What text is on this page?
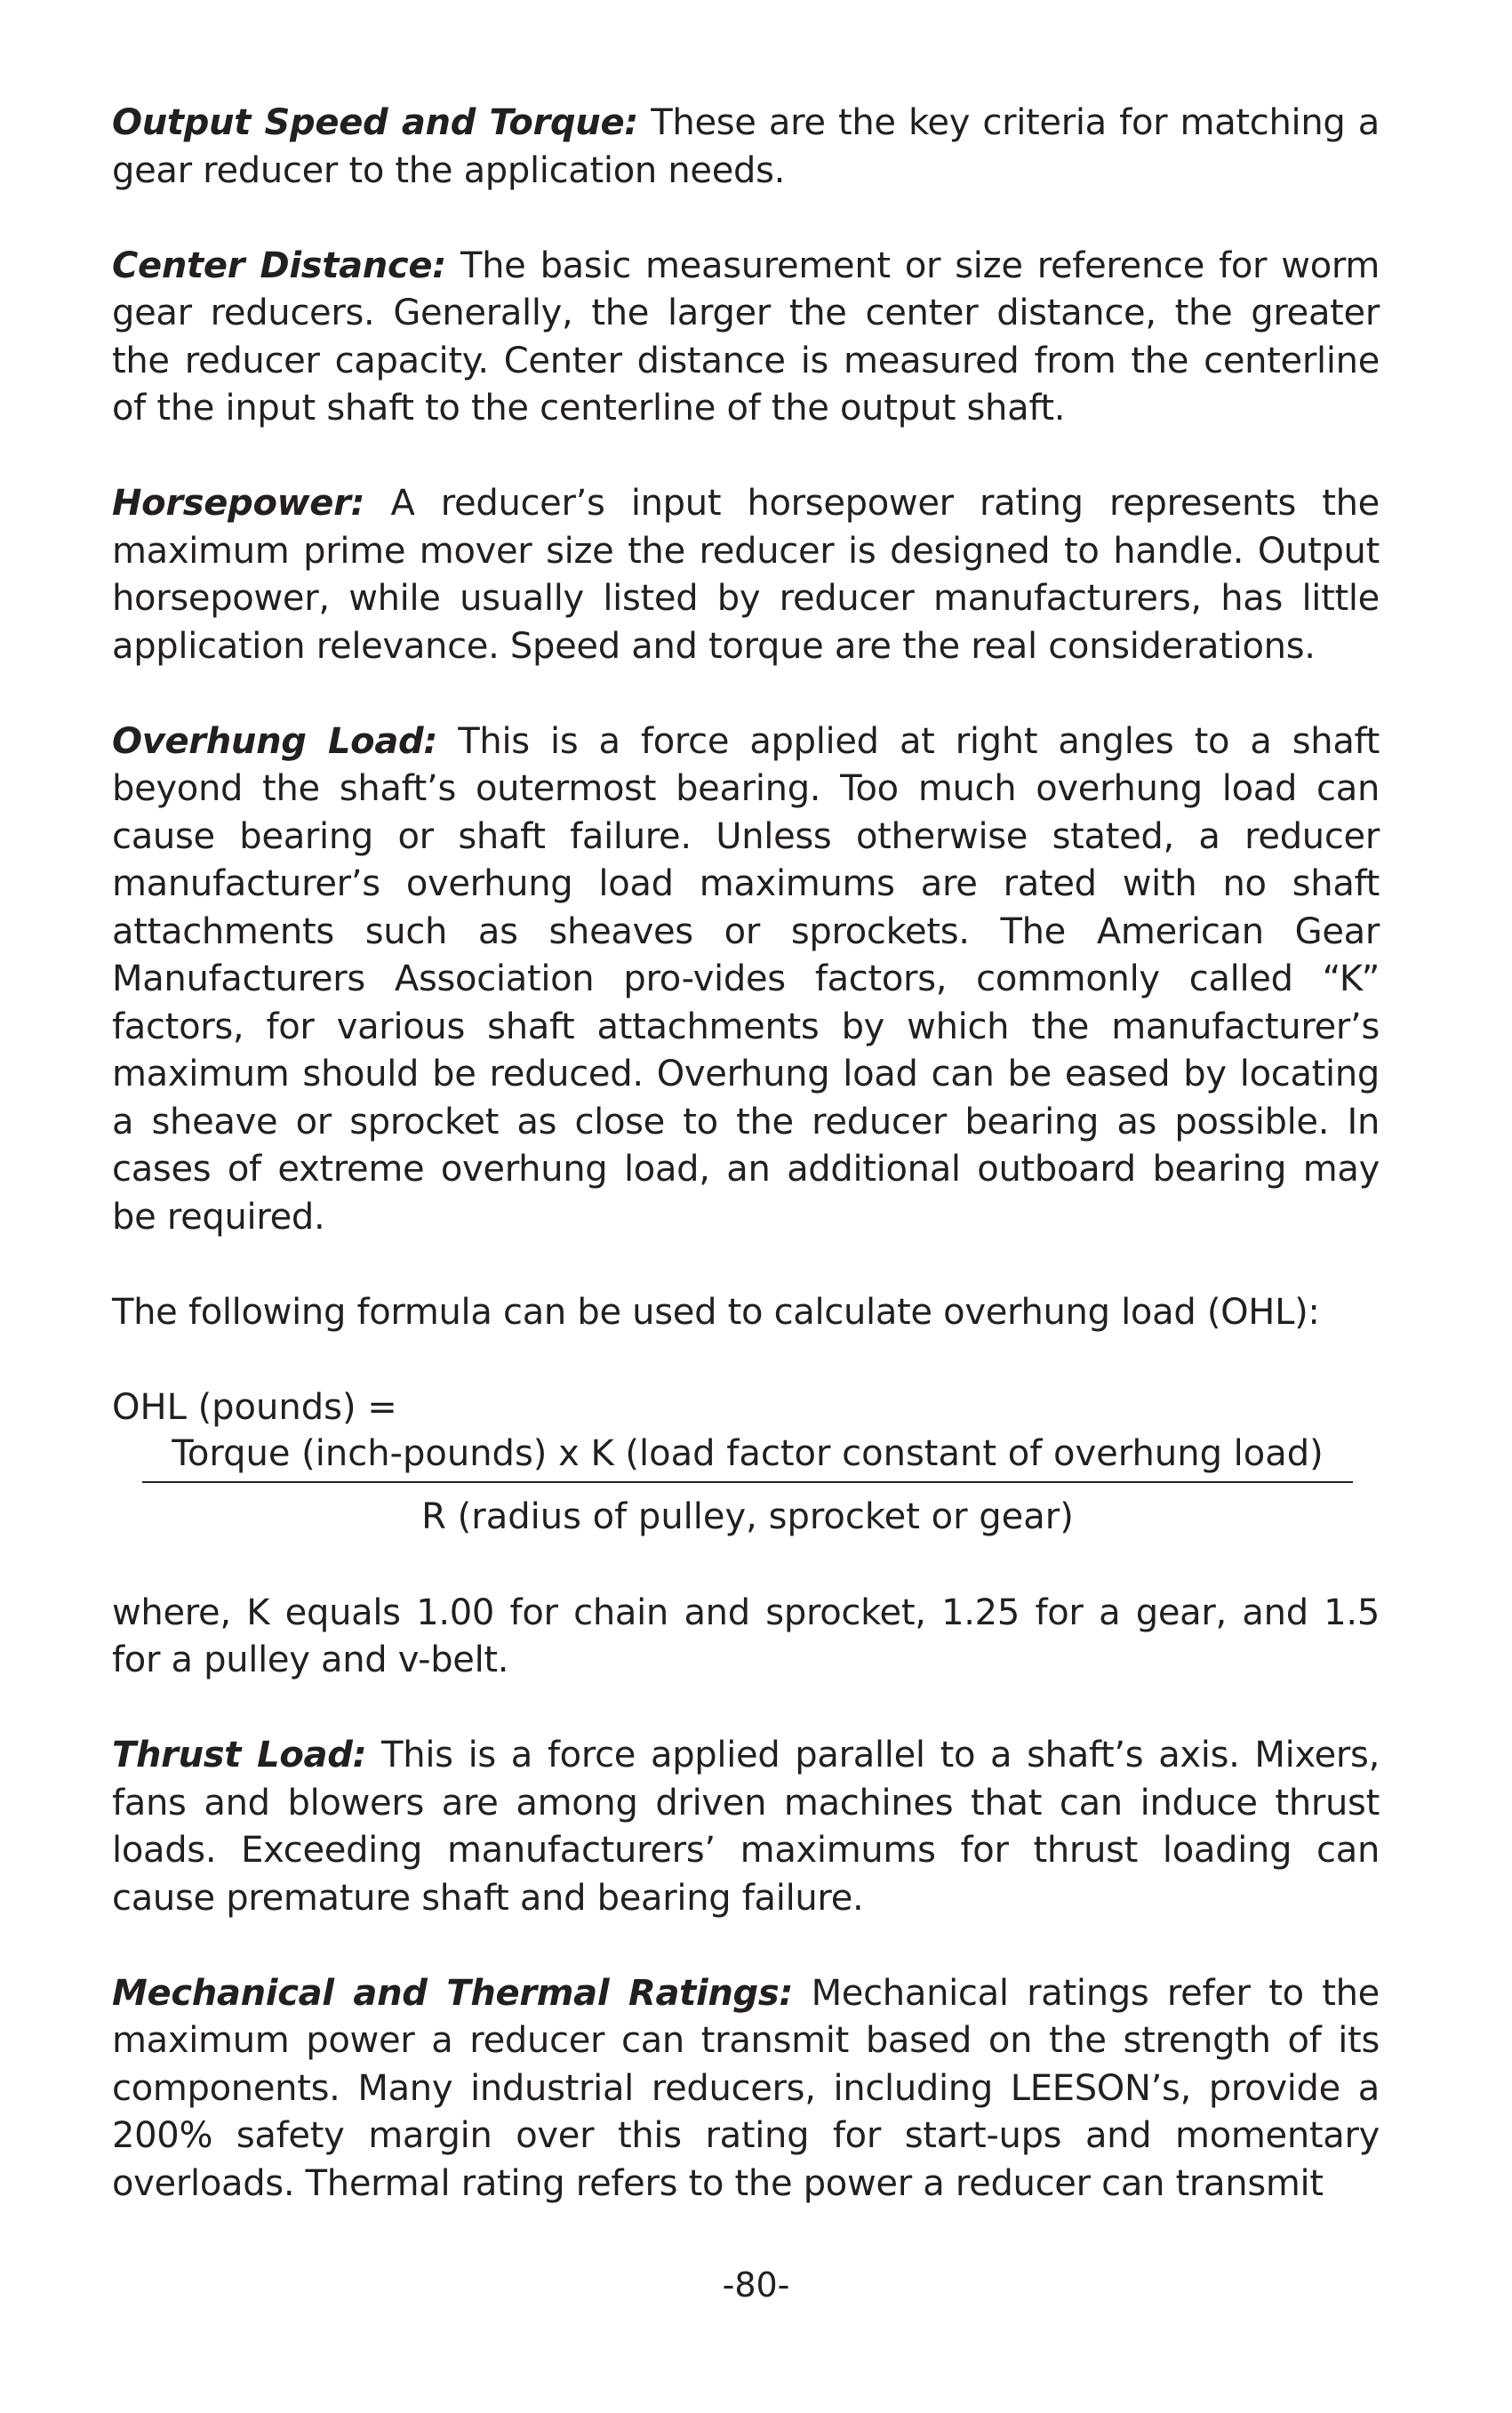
Output Speed and Torque: These are the key criteria for matching a gear reducer to the application needs.

Center Distance: The basic measurement or size reference for worm gear reducers. Generally, the larger the center distance, the greater the reducer capacity. Center distance is measured from the centerline of the input shaft to the centerline of the output shaft.

Horsepower: A reducer’s input horsepower rating represents the maximum prime mover size the reducer is designed to handle. Output horsepower, while usually listed by reducer manufacturers, has little application relevance. Speed and torque are the real considerations.

Overhung Load: This is a force applied at right angles to a shaft beyond the shaft’s outermost bearing. Too much overhung load can cause bearing or shaft failure. Unless otherwise stated, a reducer manufacturer’s overhung load maximums are rated with no shaft attachments such as sheaves or sprockets. The American Gear Manufacturers Association pro-vides factors, commonly called “K” factors, for various shaft attachments by which the manufacturer’s maximum should be reduced. Overhung load can be eased by locating a sheave or sprocket as close to the reducer bearing as possible. In cases of extreme overhung load, an additional outboard bearing may be required.

The following formula can be used to calculate overhung load (OHL):

OHL (pounds) =
Torque (inch-pounds) x K (load factor constant of overhung load)
R (radius of pulley, sprocket or gear)

where, K equals 1.00 for chain and sprocket, 1.25 for a gear, and 1.5 for a pulley and v-belt.

Thrust Load: This is a force applied parallel to a shaft’s axis. Mixers, fans and blowers are among driven machines that can induce thrust loads. Exceeding manufacturers’ maximums for thrust loading can cause premature shaft and bearing failure.

Mechanical and Thermal Ratings: Mechanical ratings refer to the maximum power a reducer can transmit based on the strength of its components. Many industrial reducers, including LEESON’s, provide a 200% safety margin over this rating for start-ups and momentary overloads. Thermal rating refers to the power a reducer can transmit

-80-
